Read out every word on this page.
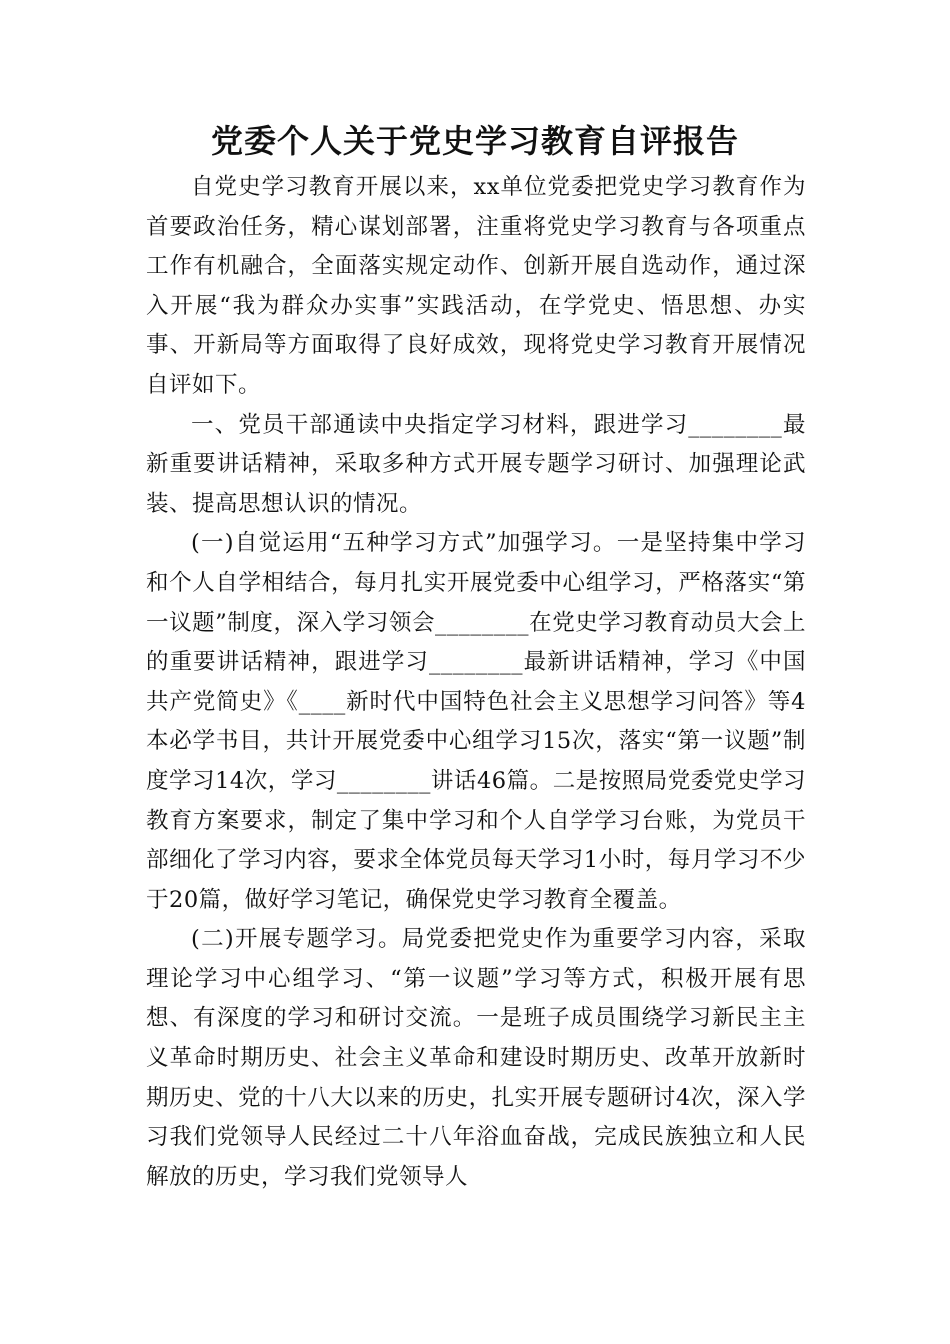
党委个人关于党史学习教育自评报告

自党史学习教育开展以来，xx单位党委把党史学习教育作为首要政治任务，精心谋划部署，注重将党史学习教育与各项重点工作有机融合，全面落实规定动作、创新开展自选动作，通过深入开展“我为群众办实事”实践活动，在学党史、悟思想、办实事、开新局等方面取得了良好成效，现将党史学习教育开展情况自评如下。

一、党员干部通读中央指定学习材料，跟进学习________最新重要讲话精神，采取多种方式开展专题学习研讨、加强理论武装、提高思想认识的情况。

(一)自觉运用“五种学习方式”加强学习。一是坚持集中学习和个人自学相结合，每月扎实开展党委中心组学习，严格落实“第一议题”制度，深入学习领会________在党史学习教育动员大会上的重要讲话精神，跟进学习________最新讲话精神，学习《中国共产党简史》《____新时代中国特色社会主义思想学习问答》等4本必学书目，共计开展党委中心组学习15次，落实“第一议题”制度学习14次，学习________讲话46篇。二是按照局党委党史学习教育方案要求，制定了集中学习和个人自学学习台账，为党员干部细化了学习内容，要求全体党员每天学习1小时，每月学习不少于20篇，做好学习笔记，确保党史学习教育全覆盖。

(二)开展专题学习。局党委把党史作为重要学习内容，采取理论学习中心组学习、“第一议题”学习等方式，积极开展有思想、有深度的学习和研讨交流。一是班子成员围绕学习新民主主义革命时期历史、社会主义革命和建设时期历史、改革开放新时期历史、党的十八大以来的历史，扎实开展专题研讨4次，深入学习我们党领导人民经过二十八年浴血奋战，完成民族独立和人民解放的历史，学习我们党领导人
